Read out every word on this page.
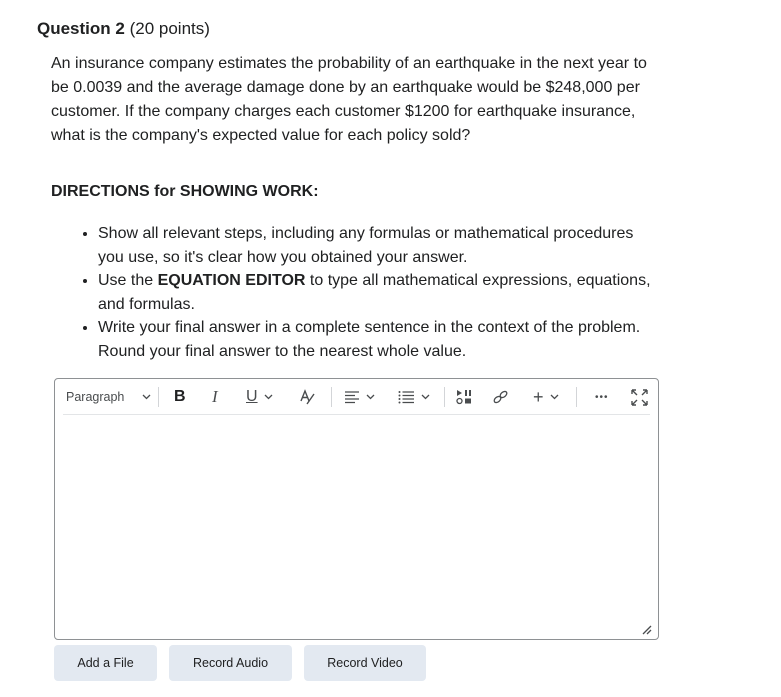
Question 2 (20 points)
An insurance company estimates the probability of an earthquake in the next year to be 0.0039 and the average damage done by an earthquake would be $248,000 per customer. If the company charges each customer $1200 for earthquake insurance, what is the company's expected value for each policy sold?
DIRECTIONS for SHOWING WORK:
• Show all relevant steps, including any formulas or mathematical procedures you use, so it's clear how you obtained your answer.
• Use the EQUATION EDITOR to type all mathematical expressions, equations, and formulas.
• Write your final answer in a complete sentence in the context of the problem. Round your final answer to the nearest whole value.
Paragraph	B I U	+	•••
Add a File	Record Audio	Record Video
